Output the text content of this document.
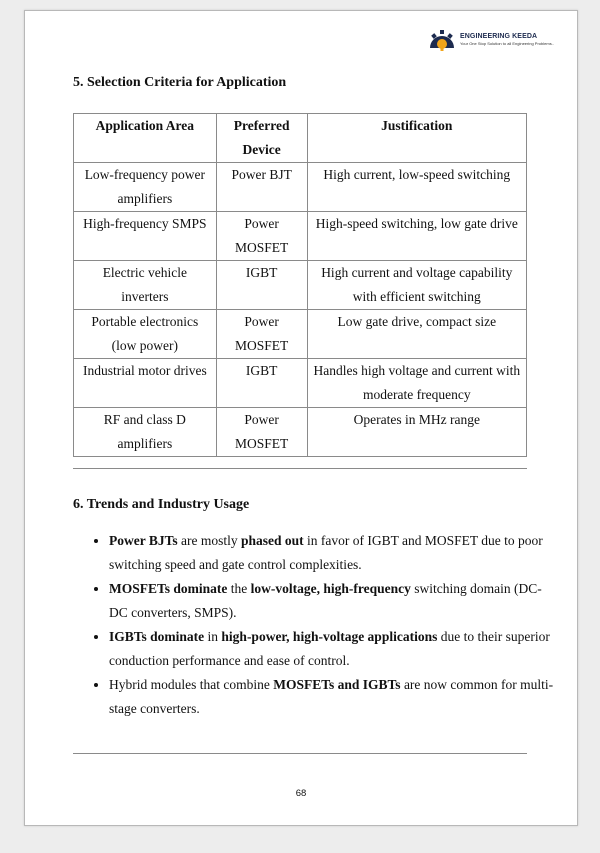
ENGINEERING KEEDA
Your One Stop Solution to all Engineering Problems..
5. Selection Criteria for Application
Application Area	Preferred Device	Justification
Low-frequency power amplifiers	Power BJT	High current, low-speed switching
High-frequency SMPS	Power MOSFET	High-speed switching, low gate drive
Electric vehicle inverters	IGBT	High current and voltage capability with efficient switching
Portable electronics (low power)	Power MOSFET	Low gate drive, compact size
Industrial motor drives	IGBT	Handles high voltage and current with moderate frequency
RF and class D amplifiers	Power MOSFET	Operates in MHz range
6. Trends and Industry Usage
• Power BJTs are mostly phased out in favor of IGBT and MOSFET due to poor switching speed and gate control complexities.
• MOSFETs dominate the low-voltage, high-frequency switching domain (DC-DC converters, SMPS).
• IGBTs dominate in high-power, high-voltage applications due to their superior conduction performance and ease of control.
• Hybrid modules that combine MOSFETs and IGBTs are now common for multi-stage converters.
68
